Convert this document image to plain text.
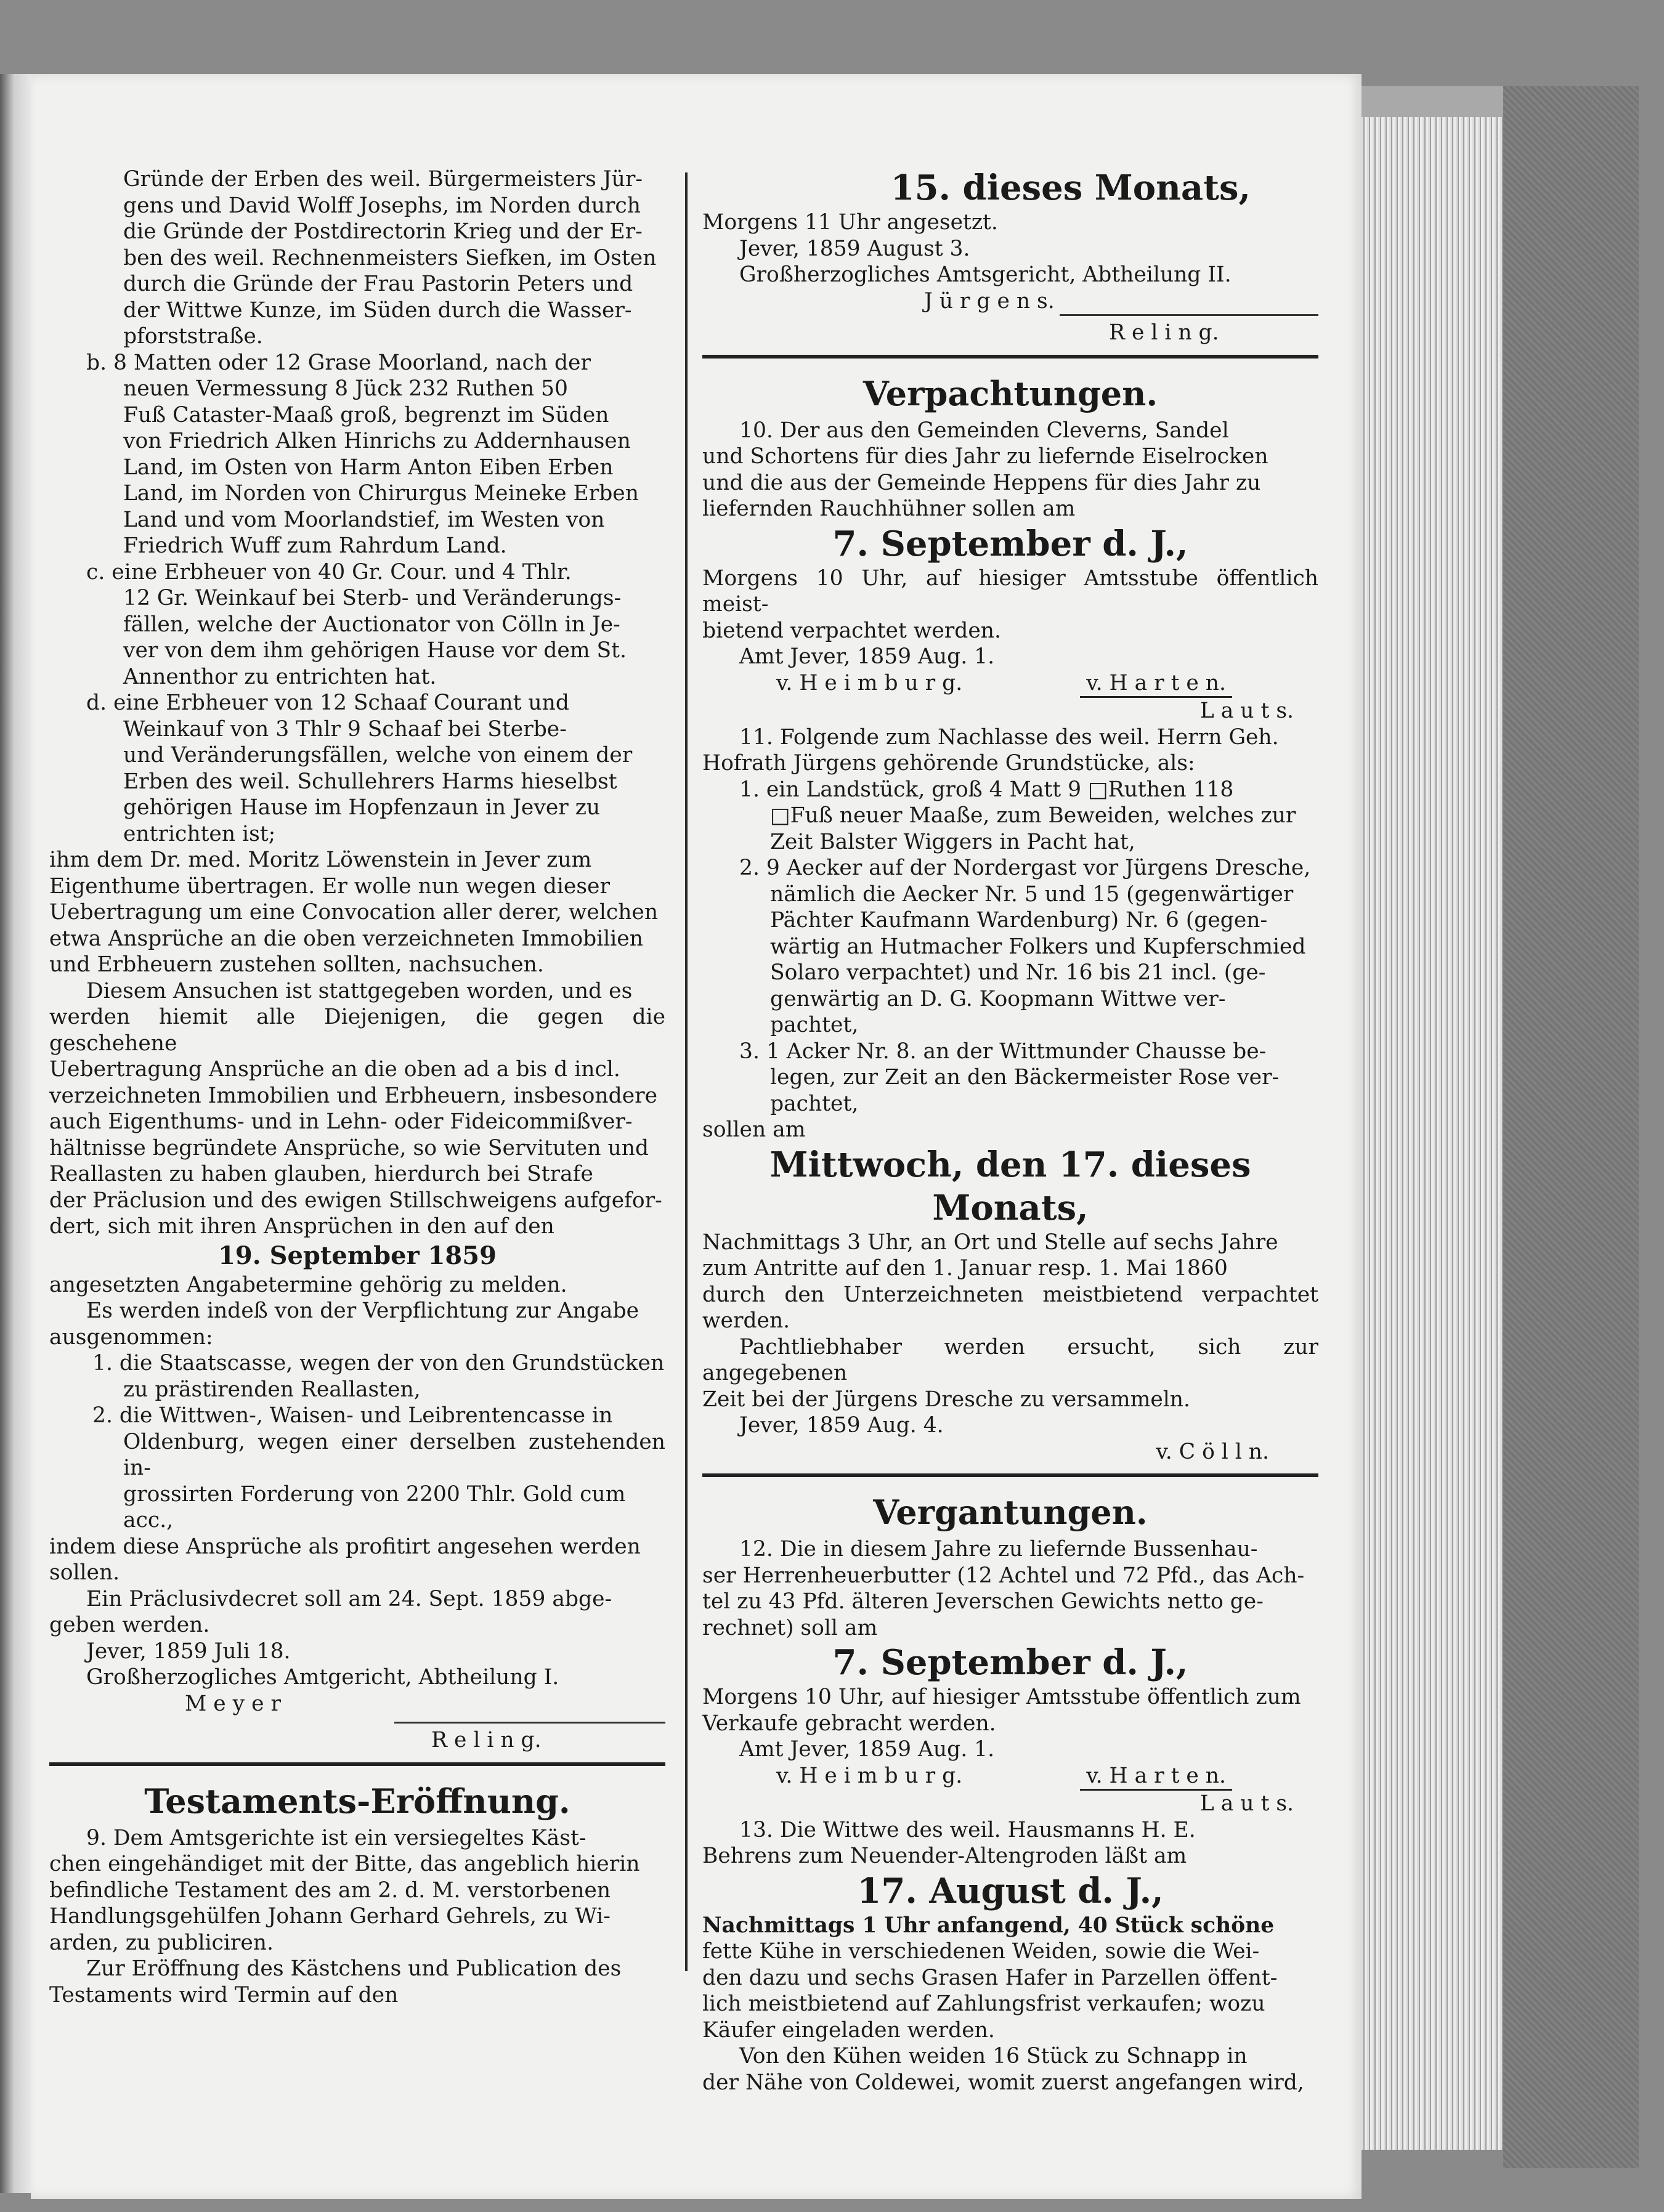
Gründe der Erben des weil. Bürgermeisters Jür-
gens und David Wolff Josephs, im Norden durch
die Gründe der Postdirectorin Krieg und der Er-
ben des weil. Rechnenmeisters Siefken, im Osten
durch die Gründe der Frau Pastorin Peters und
der Wittwe Kunze, im Süden durch die Wasser-
pforststraße.
b. 8 Matten oder 12 Grase Moorland, nach der
neuen Vermessung 8 Jück 232 Ruthen 50
Fuß Cataster-Maaß groß, begrenzt im Süden
von Friedrich Alken Hinrichs zu Addernhausen
Land, im Osten von Harm Anton Eiben Erben
Land, im Norden von Chirurgus Meineke Erben
Land und vom Moorlandstief, im Westen von
Friedrich Wuff zum Rahrdum Land.
c. eine Erbheuer von 40 Gr. Cour. und 4 Thlr.
12 Gr. Weinkauf bei Sterb- und Veränderungs-
fällen, welche der Auctionator von Cölln in Je-
ver von dem ihm gehörigen Hause vor dem St.
Annenthor zu entrichten hat.
d. eine Erbheuer von 12 Schaaf Courant und
Weinkauf von 3 Thlr 9 Schaaf bei Sterbe-
und Veränderungsfällen, welche von einem der
Erben des weil. Schullehrers Harms hieselbst
gehörigen Hause im Hopfenzaun in Jever zu
entrichten ist;
ihm dem Dr. med. Moritz Löwenstein in Jever zum
Eigenthume übertragen. Er wolle nun wegen dieser
Uebertragung um eine Convocation aller derer, welchen
etwa Ansprüche an die oben verzeichneten Immobilien
und Erbheuern zustehen sollten, nachsuchen.
Diesem Ansuchen ist stattgegeben worden, und es
werden hiemit alle Diejenigen, die gegen die geschehene
Uebertragung Ansprüche an die oben ad a bis d incl.
verzeichneten Immobilien und Erbheuern, insbesondere
auch Eigenthums- und in Lehn- oder Fideicommißver-
hältnisse begründete Ansprüche, so wie Servituten und
Reallasten zu haben glauben, hierdurch bei Strafe
der Präclusion und des ewigen Stillschweigens aufgefor-
dert, sich mit ihren Ansprüchen in den auf den
19. September 1859
angesetzten Angabetermine gehörig zu melden.
Es werden indeß von der Verpflichtung zur Angabe
ausgenommen:
1. die Staatscasse, wegen der von den Grundstücken
zu prästirenden Reallasten,
2. die Wittwen-, Waisen- und Leibrentencasse in
Oldenburg, wegen einer derselben zustehenden in-
grossirten Forderung von 2200 Thlr. Gold cum
acc.,
indem diese Ansprüche als profitirt angesehen werden
sollen.
Ein Präclusivdecret soll am 24. Sept. 1859 abge-
geben werden.
Jever, 1859 Juli 18.
Großherzogliches Amtgericht, Abtheilung I.
M e y e r
R e l i n g.
Testaments-Eröffnung.
9. Dem Amtsgerichte ist ein versiegeltes Käst-
chen eingehändiget mit der Bitte, das angeblich hierin
befindliche Testament des am 2. d. M. verstorbenen
Handlungsgehülfen Johann Gerhard Gehrels, zu Wi-
arden, zu publiciren.
Zur Eröffnung des Kästchens und Publication des
Testaments wird Termin auf den
15. dieses Monats,
Morgens 11 Uhr angesetzt.
Jever, 1859 August 3.
Großherzogliches Amtsgericht, Abtheilung II.
J ü r g e n s.
R e l i n g.
Verpachtungen.
10. Der aus den Gemeinden Cleverns, Sandel
und Schortens für dies Jahr zu liefernde Eiselrocken
und die aus der Gemeinde Heppens für dies Jahr zu
liefernden Rauchhühner sollen am
7. September d. J.,
Morgens 10 Uhr, auf hiesiger Amtsstube öffentlich meist-
bietend verpachtet werden.
Amt Jever, 1859 Aug. 1.
v. H e i m b u r g.	v. H a r t e n.
L a u t s.
11. Folgende zum Nachlasse des weil. Herrn Geh.
Hofrath Jürgens gehörende Grundstücke, als:
1. ein Landstück, groß 4 Matt 9 □Ruthen 118
□Fuß neuer Maaße, zum Beweiden, welches zur
Zeit Balster Wiggers in Pacht hat,
2. 9 Aecker auf der Nordergast vor Jürgens Dresche,
nämlich die Aecker Nr. 5 und 15 (gegenwärtiger
Pächter Kaufmann Wardenburg) Nr. 6 (gegen-
wärtig an Hutmacher Folkers und Kupferschmied
Solaro verpachtet) und Nr. 16 bis 21 incl. (ge-
genwärtig an D. G. Koopmann Wittwe ver-
pachtet,
3. 1 Acker Nr. 8. an der Wittmunder Chausse be-
legen, zur Zeit an den Bäckermeister Rose ver-
pachtet,
sollen am
Mittwoch, den 17. dieses Monats,
Nachmittags 3 Uhr, an Ort und Stelle auf sechs Jahre
zum Antritte auf den 1. Januar resp. 1. Mai 1860
durch den Unterzeichneten meistbietend verpachtet werden.
Pachtliebhaber werden ersucht, sich zur angegebenen
Zeit bei der Jürgens Dresche zu versammeln.
Jever, 1859 Aug. 4.
v. C ö l l n.
Vergantungen.
12. Die in diesem Jahre zu liefernde Bussenhau-
ser Herrenheuerbutter (12 Achtel und 72 Pfd., das Ach-
tel zu 43 Pfd. älteren Jeverschen Gewichts netto ge-
rechnet) soll am
7. September d. J.,
Morgens 10 Uhr, auf hiesiger Amtsstube öffentlich zum
Verkaufe gebracht werden.
Amt Jever, 1859 Aug. 1.
v. H e i m b u r g.	v. H a r t e n.
L a u t s.
13. Die Wittwe des weil. Hausmanns H. E.
Behrens zum Neuender-Altengroden läßt am
17. August d. J.,
Nachmittags 1 Uhr anfangend, 40 Stück schöne
fette Kühe in verschiedenen Weiden, sowie die Wei-
den dazu und sechs Grasen Hafer in Parzellen öffent-
lich meistbietend auf Zahlungsfrist verkaufen; wozu
Käufer eingeladen werden.
Von den Kühen weiden 16 Stück zu Schnapp in
der Nähe von Coldewei, womit zuerst angefangen wird,
